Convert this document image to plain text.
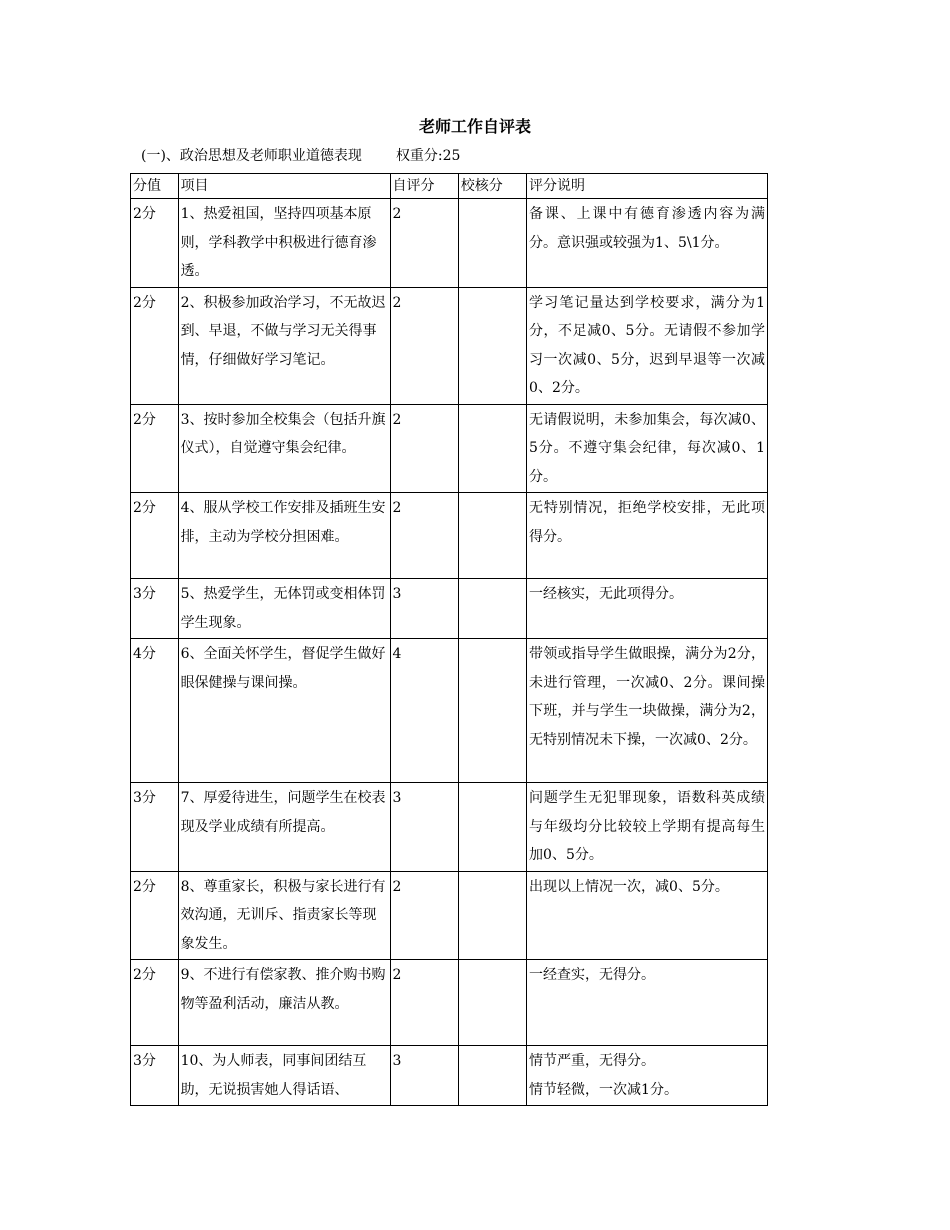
老师工作自评表
(一)、政治思想及老师职业道德表现 权重分:25
分值	项目	自评分	校核分	评分说明
2分	1、热爱祖国，坚持四项基本原则，学科教学中积极进行德育渗透。	2		备课、上课中有德育渗透内容为满分。意识强或较强为1、5\1分。
2分	2、积极参加政治学习，不无故迟到、早退，不做与学习无关得事情，仔细做好学习笔记。	2		学习笔记量达到学校要求，满分为1分，不足减0、5分。无请假不参加学习一次减0、5分，迟到早退等一次减0、2分。
2分	3、按时参加全校集会（包括升旗仪式），自觉遵守集会纪律。	2		无请假说明，未参加集会，每次减0、5分。不遵守集会纪律，每次减0、1分。
2分	4、服从学校工作安排及插班生安排，主动为学校分担困难。	2		无特别情况，拒绝学校安排，无此项得分。
3分	5、热爱学生，无体罚或变相体罚学生现象。	3		一经核实，无此项得分。
4分	6、全面关怀学生，督促学生做好眼保健操与课间操。	4		带领或指导学生做眼操，满分为2分，未进行管理，一次减0、2分。课间操下班，并与学生一块做操，满分为2，无特别情况未下操，一次减0、2分。
3分	7、厚爱待进生，问题学生在校表现及学业成绩有所提高。	3		问题学生无犯罪现象，语数科英成绩与年级均分比较较上学期有提高每生加0、5分。
2分	8、尊重家长，积极与家长进行有效沟通，无训斥、指责家长等现象发生。	2		出现以上情况一次，减0、5分。
2分	9、不进行有偿家教、推介购书购物等盈利活动，廉洁从教。	2		一经查实，无得分。
3分	10、为人师表，同事间团结互助，无说损害她人得话语、	3		情节严重，无得分。
情节轻微，一次减1分。
